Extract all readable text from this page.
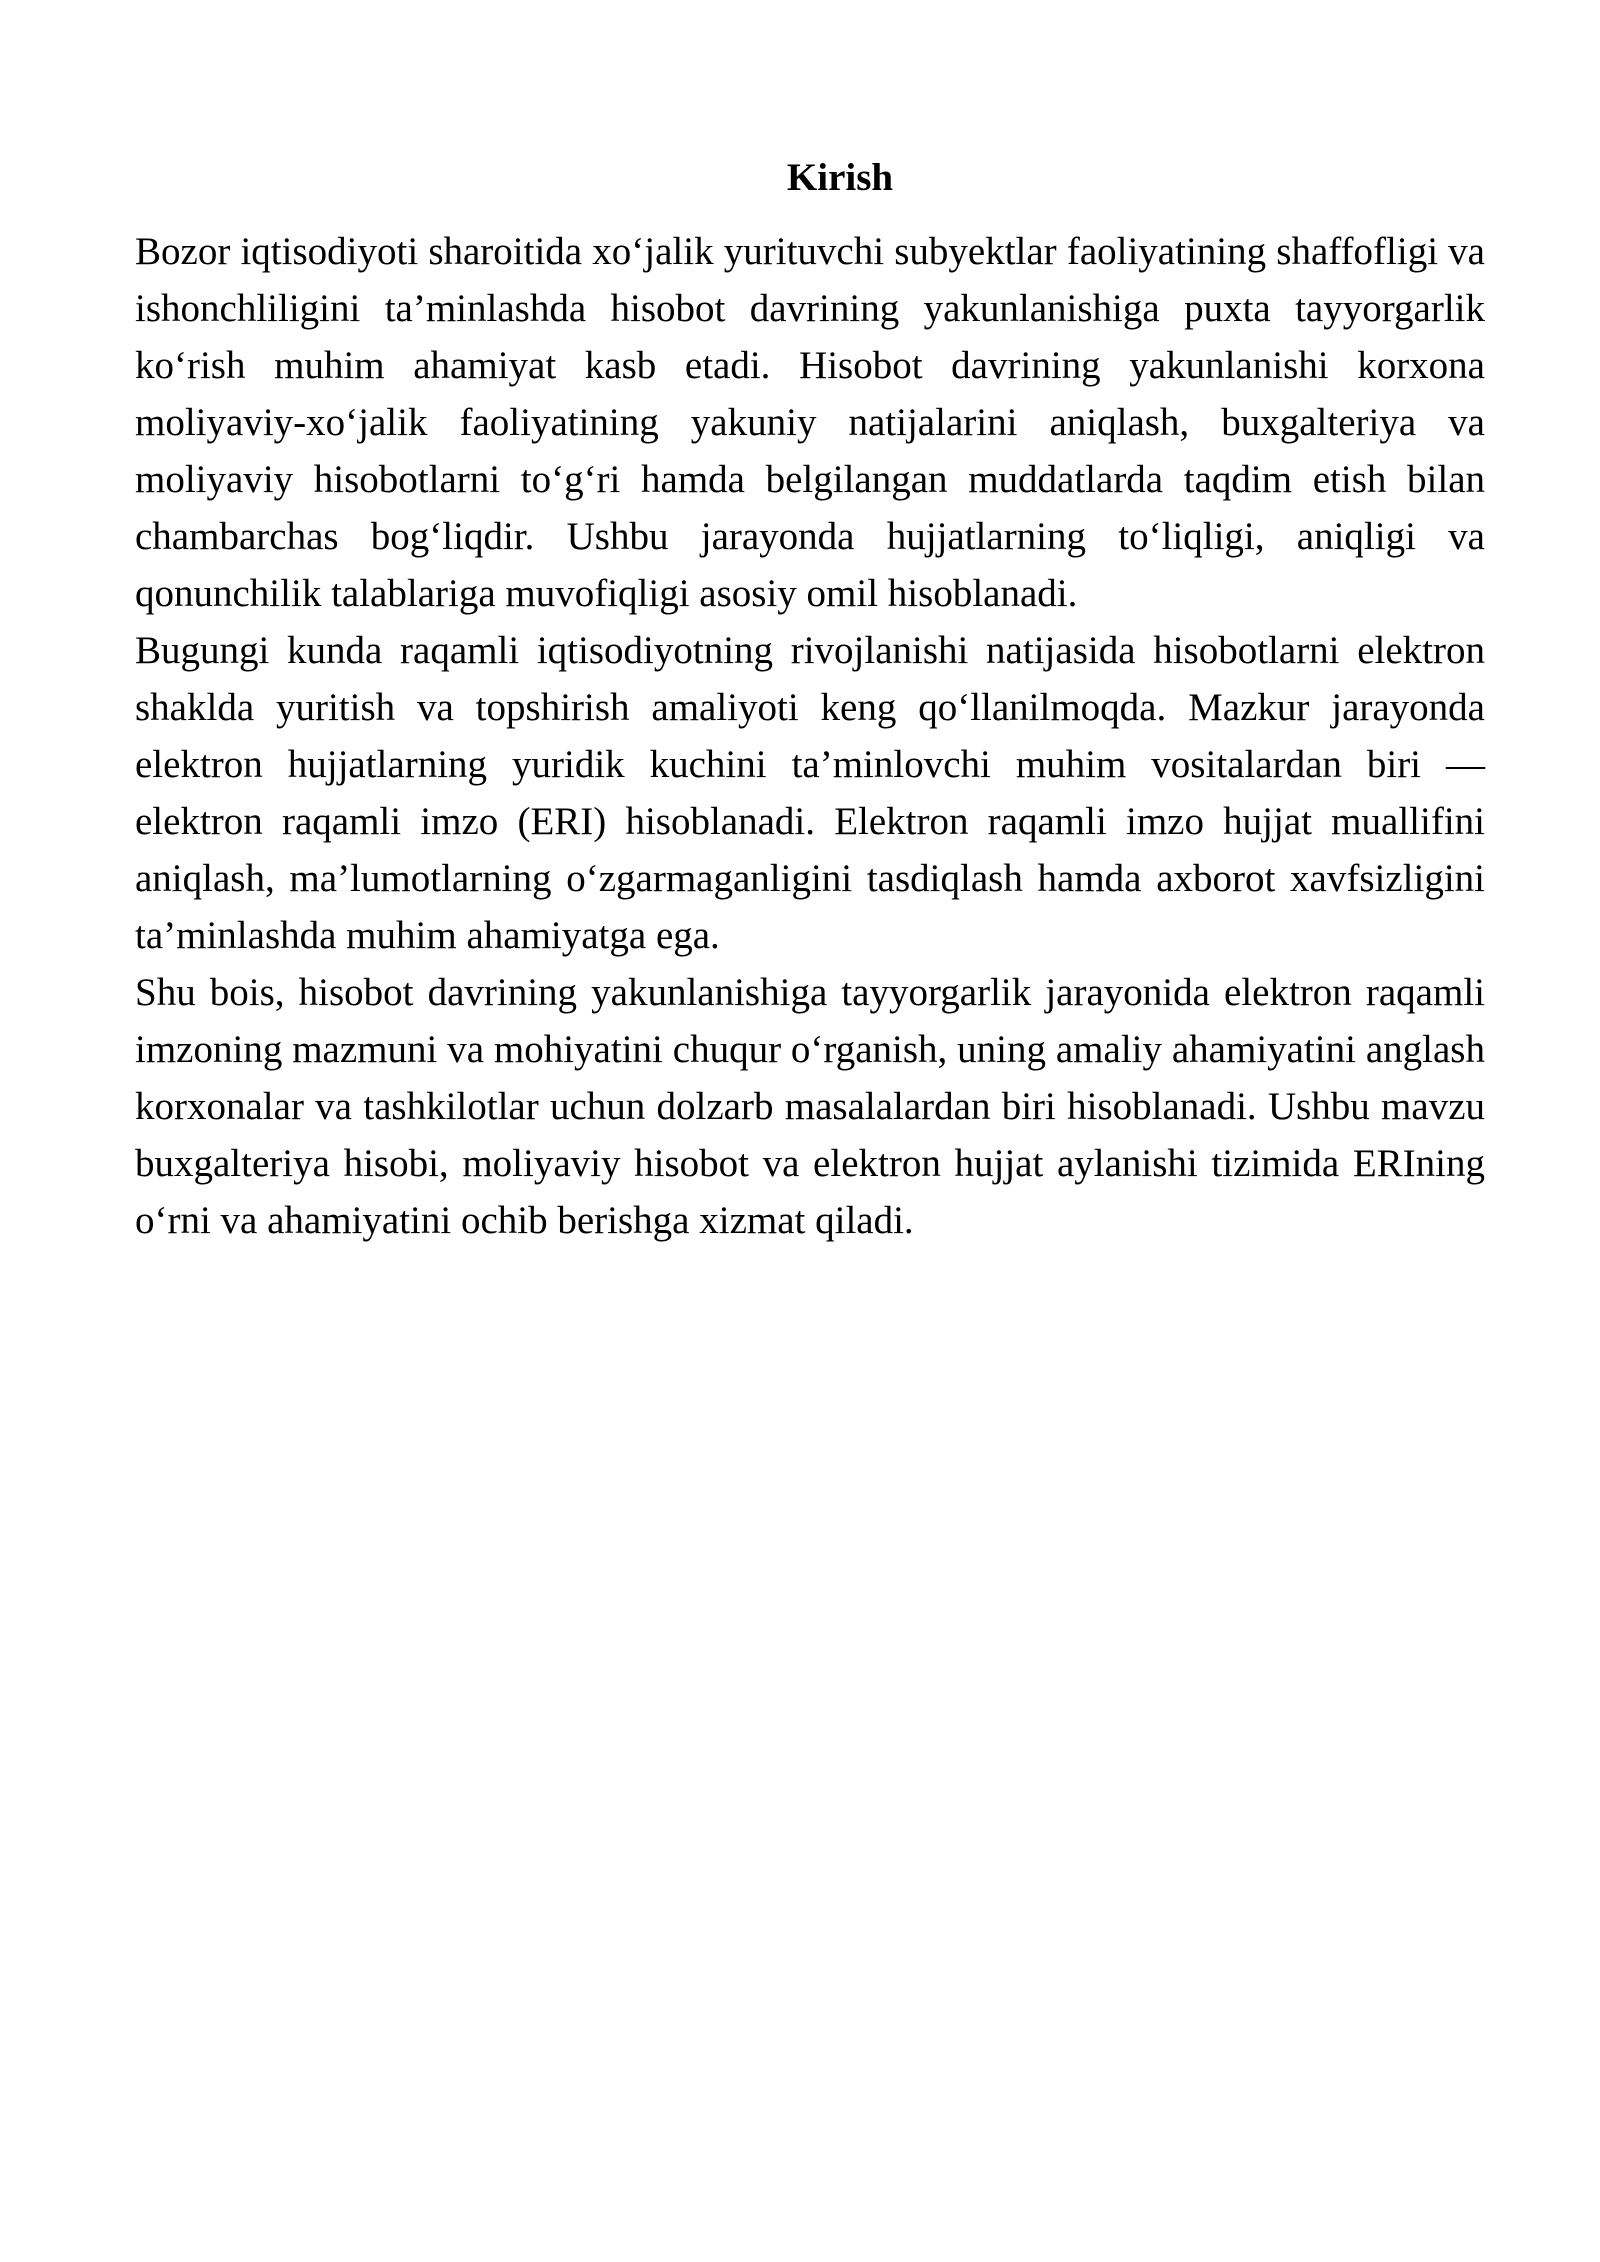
Kirish

Bozor iqtisodiyoti sharoitida xo‘jalik yurituvchi subyektlar faoliyatining shaffofligi va ishonchliligini ta’minlashda hisobot davrining yakunlanishiga puxta tayyorgarlik ko‘rish muhim ahamiyat kasb etadi. Hisobot davrining yakunlanishi korxona moliyaviy-xo‘jalik faoliyatining yakuniy natijalarini aniqlash, buxgalteriya va moliyaviy hisobotlarni to‘g‘ri hamda belgilangan muddatlarda taqdim etish bilan chambarchas bog‘liqdir. Ushbu jarayonda hujjatlarning to‘liqligi, aniqligi va qonunchilik talablariga muvofiqligi asosiy omil hisoblanadi.

Bugungi kunda raqamli iqtisodiyotning rivojlanishi natijasida hisobotlarni elektron shaklda yuritish va topshirish amaliyoti keng qo‘llanilmoqda. Mazkur jarayonda elektron hujjatlarning yuridik kuchini ta’minlovchi muhim vositalardan biri — elektron raqamli imzo (ERI) hisoblanadi. Elektron raqamli imzo hujjat muallifini aniqlash, ma’lumotlarning o‘zgarmaganligini tasdiqlash hamda axborot xavfsizligini ta’minlashda muhim ahamiyatga ega.

Shu bois, hisobot davrining yakunlanishiga tayyorgarlik jarayonida elektron raqamli imzoning mazmuni va mohiyatini chuqur o‘rganish, uning amaliy ahamiyatini anglash korxonalar va tashkilotlar uchun dolzarb masalalardan biri hisoblanadi. Ushbu mavzu buxgalteriya hisobi, moliyaviy hisobot va elektron hujjat aylanishi tizimida ERIning o‘rni va ahamiyatini ochib berishga xizmat qiladi.
